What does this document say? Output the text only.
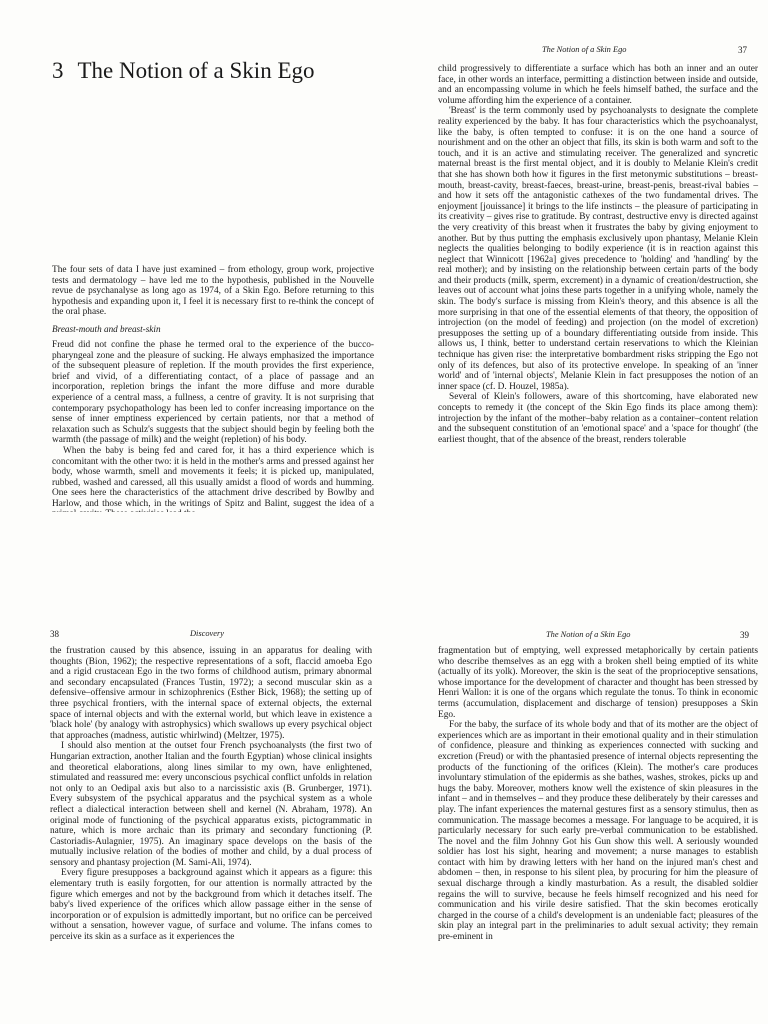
3 The Notion of a Skin Ego

The four sets of data I have just examined – from ethology, group work, projective tests and dermatology – have led me to the hypothesis, published in the Nouvelle revue de psychanalyse as long ago as 1974, of a Skin Ego. Before returning to this hypothesis and expanding upon it, I feel it is necessary first to re-think the concept of the oral phase.

Breast-mouth and breast-skin

Freud did not confine the phase he termed oral to the experience of the bucco-pharyngeal zone and the pleasure of sucking. He always emphasized the importance of the subsequent pleasure of repletion. If the mouth provides the first experience, brief and vivid, of a differentiating contact, of a place of passage and an incorporation, repletion brings the infant the more diffuse and more durable experience of a central mass, a fullness, a centre of gravity. It is not surprising that contemporary psychopathology has been led to confer increasing importance on the sense of inner emptiness experienced by certain patients, nor that a method of relaxation such as Schulz's suggests that the subject should begin by feeling both the warmth (the passage of milk) and the weight (repletion) of his body.

When the baby is being fed and cared for, it has a third experience which is concomitant with the other two: it is held in the mother's arms and pressed against her body, whose warmth, smell and movements it feels; it is picked up, manipulated, rubbed, washed and caressed, all this usually amidst a flood of words and humming. One sees here the characteristics of the attachment drive described by Bowlby and Harlow, and those which, in the writings of Spitz and Balint, suggest the idea of a

The Notion of a Skin Ego	37

child progressively to differentiate a surface which has both an inner and an outer face, in other words an interface, permitting a distinction between inside and outside, and an encompassing volume in which he feels himself bathed, the surface and the volume affording him the experience of a container.

'Breast' is the term commonly used by psychoanalysts to designate the complete reality experienced by the baby. It has four characteristics which the psychoanalyst, like the baby, is often tempted to confuse: it is on the one hand a source of nourishment and on the other an object that fills, its skin is both warm and soft to the touch, and it is an active and stimulating receiver. The generalized and syncretic maternal breast is the first mental object, and it is doubly to Melanie Klein's credit that she has shown both how it figures in the first metonymic substitutions – breast-mouth, breast-cavity, breast-faeces, breast-urine, breast-penis, breast-rival babies – and how it sets off the antagonistic cathexes of the two fundamental drives. The enjoyment [jouissance] it brings to the life instincts – the pleasure of participating in its creativity – gives rise to gratitude. By contrast, destructive envy is directed against the very creativity of this breast when it frustrates the baby by giving enjoyment to another. But by thus putting the emphasis exclusively upon phantasy, Melanie Klein neglects the qualities belonging to bodily experience (it is in reaction against this neglect that Winnicott [1962a] gives precedence to 'holding' and 'handling' by the real mother); and by insisting on the relationship between certain parts of the body and their products (milk, sperm, excrement) in a dynamic of creation/destruction, she leaves out of account what joins these parts together in a unifying whole, namely the skin. The body's surface is missing from Klein's theory, and this absence is all the more surprising in that one of the essential elements of that theory, the opposition of introjection (on the model of feeding) and projection (on the model of excretion) presupposes the setting up of a boundary differentiating outside from inside. This allows us, I think, better to understand certain reservations to which the Kleinian technique has given rise: the interpretative bombardment risks stripping the Ego not only of its defences, but also of its protective envelope. In speaking of an 'inner world' and of 'internal objects', Melanie Klein in fact presupposes the notion of an inner space (cf. D. Houzel, 1985a).

Several of Klein's followers, aware of this shortcoming, have elaborated new concepts to remedy it (the concept of the Skin Ego finds its place among them): introjection by the infant of the mother–baby relation as a container–content relation and the subsequent constitution of an 'emotional space' and a 'space for thought' (the earliest thought, that of the absence of the breast, renders tolerable

38	Discovery

the frustration caused by this absence, issuing in an apparatus for dealing with thoughts (Bion, 1962); the respective representations of a soft, flaccid amoeba Ego and a rigid crustacean Ego in the two forms of childhood autism, primary abnormal and secondary encapsulated (Frances Tustin, 1972); a second muscular skin as a defensive–offensive armour in schizophrenics (Esther Bick, 1968); the setting up of three psychical frontiers, with the internal space of external objects, the external space of internal objects and with the external world, but which leave in existence a 'black hole' (by analogy with astrophysics) which swallows up every psychical object that approaches (madness, autistic whirlwind) (Meltzer, 1975).

I should also mention at the outset four French psychoanalysts (the first two of Hungarian extraction, another Italian and the fourth Egyptian) whose clinical insights and theoretical elaborations, along lines similar to my own, have enlightened, stimulated and reassured me: every unconscious psychical conflict unfolds in relation not only to an Oedipal axis but also to a narcissistic axis (B. Grunberger, 1971). Every subsystem of the psychical apparatus and the psychical system as a whole reflect a dialectical interaction between shell and kernel (N. Abraham, 1978). An original mode of functioning of the psychical apparatus exists, pictogrammatic in nature, which is more archaic than its primary and secondary functioning (P. Castoriadis-Aulagnier, 1975). An imaginary space develops on the basis of the mutually inclusive relation of the bodies of mother and child, by a dual process of sensory and phantasy projection (M. Sami-Ali, 1974).

Every figure presupposes a background against which it appears as a figure: this elementary truth is easily forgotten, for our attention is normally attracted by the figure which emerges and not by the background from which it detaches itself. The baby's lived experience of the orifices which allow passage either in the sense of incorporation or of expulsion is admittedly important, but no orifice can be perceived without a sensation, however vague, of surface and volume. The infans comes to perceive its skin as a surface as it experiences the

The Notion of a Skin Ego	39

fragmentation but of emptying, well expressed metaphorically by certain patients who describe themselves as an egg with a broken shell being emptied of its white (actually of its yolk). Moreover, the skin is the seat of the proprioceptive sensations, whose importance for the development of character and thought has been stressed by Henri Wallon: it is one of the organs which regulate the tonus. To think in economic terms (accumulation, displacement and discharge of tension) presupposes a Skin Ego.

For the baby, the surface of its whole body and that of its mother are the object of experiences which are as important in their emotional quality and in their stimulation of confidence, pleasure and thinking as experiences connected with sucking and excretion (Freud) or with the phantasied presence of internal objects representing the products of the functioning of the orifices (Klein). The mother's care produces involuntary stimulation of the epidermis as she bathes, washes, strokes, picks up and hugs the baby. Moreover, mothers know well the existence of skin pleasures in the infant – and in themselves – and they produce these deliberately by their caresses and play. The infant experiences the maternal gestures first as a sensory stimulus, then as communication. The massage becomes a message. For language to be acquired, it is particularly necessary for such early pre-verbal communication to be established. The novel and the film Johnny Got his Gun show this well. A seriously wounded soldier has lost his sight, hearing and movement; a nurse manages to establish contact with him by drawing letters with her hand on the injured man's chest and abdomen – then, in response to his silent plea, by procuring for him the pleasure of sexual discharge through a kindly masturbation. As a result, the disabled soldier regains the will to survive, because he feels himself recognized and his need for communication and his virile desire satisfied. That the skin becomes erotically charged in the course of a child's development is an undeniable fact; pleasures of the skin play an integral part in the preliminaries to adult sexual activity; they remain pre-eminent in
